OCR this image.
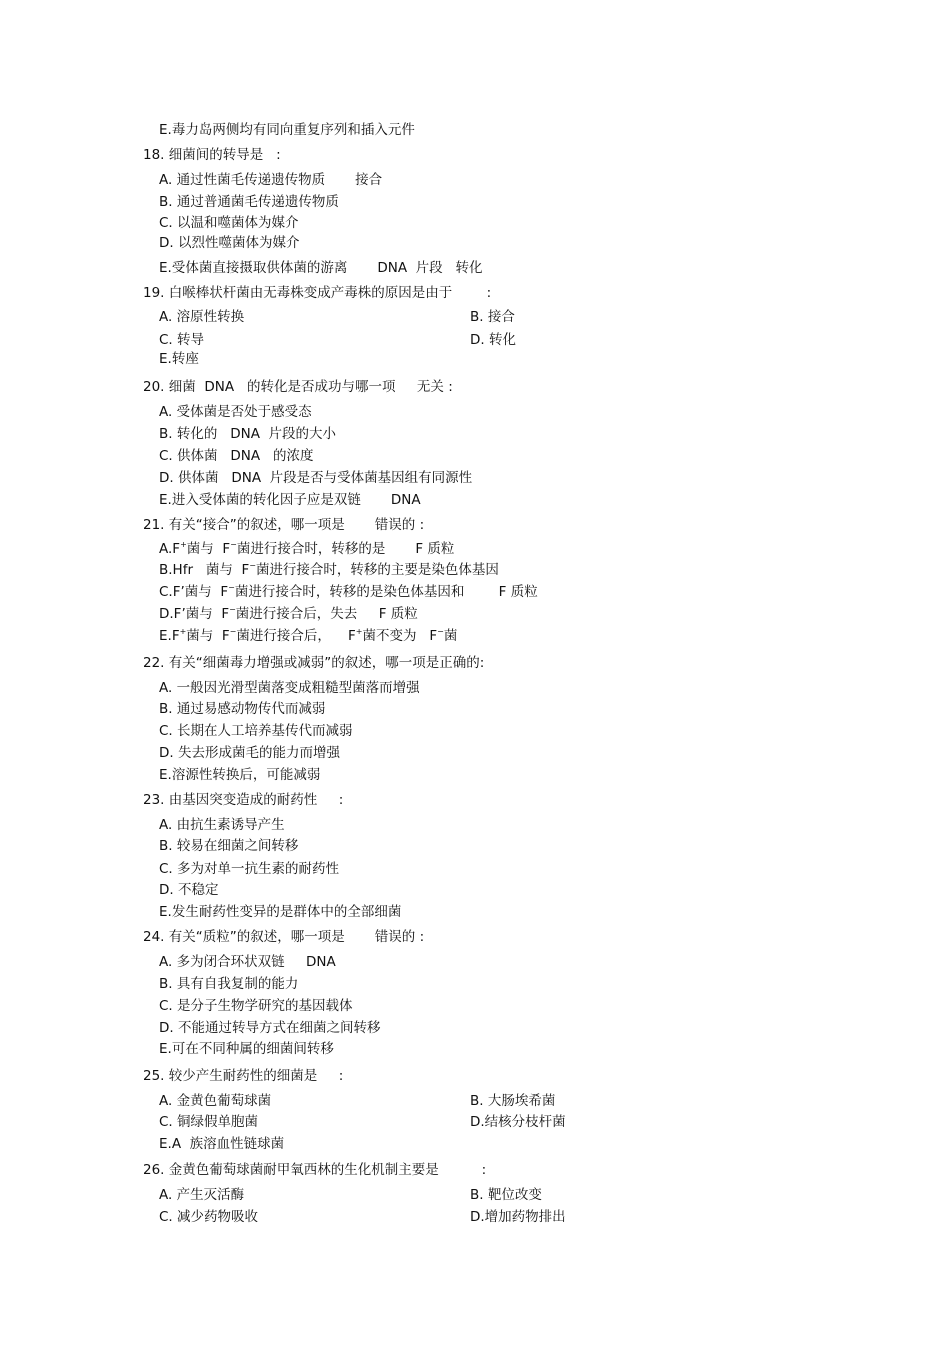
E.毒力岛两侧均有同向重复序列和插入元件
18. 细菌间的转导是   :
A. 通过性菌毛传递遗传物质       接合
B. 通过普通菌毛传递遗传物质
C. 以温和噬菌体为媒介
D. 以烈性噬菌体为媒介
E.受体菌直接摄取供体菌的游离       DNA  片段   转化
19. 白喉棒状杆菌由无毒株变成产毒株的原因是由于        :
A. 溶原性转换	B. 接合
C. 转导	D. 转化
E.转座
20. 细菌  DNA   的转化是否成功与哪一项     无关 :
A. 受体菌是否处于感受态
B. 转化的   DNA  片段的大小
C. 供体菌   DNA   的浓度
D. 供体菌   DNA  片段是否与受体菌基因组有同源性
E.进入受体菌的转化因子应是双链       DNA
21. 有关“接合”的叙述，哪一项是       错误的 :
A.F+菌与  F−菌进行接合时，转移的是       F 质粒
B.Hfr   菌与  F−菌进行接合时，转移的主要是染色体基因
C.F’菌与  F−菌进行接合时，转移的是染色体基因和        F 质粒
D.F’菌与  F−菌进行接合后，失去     F 质粒
E.F+菌与  F−菌进行接合后，    F+菌不变为   F−菌
22. 有关“细菌毒力增强或减弱”的叙述，哪一项是正确的:
A. 一般因光滑型菌落变成粗糙型菌落而增强
B. 通过易感动物传代而减弱
C. 长期在人工培养基传代而减弱
D. 失去形成菌毛的能力而增强
E.溶源性转换后，可能减弱
23. 由基因突变造成的耐药性     :
A. 由抗生素诱导产生
B. 较易在细菌之间转移
C. 多为对单一抗生素的耐药性
D. 不稳定
E.发生耐药性变异的是群体中的全部细菌
24. 有关“质粒”的叙述，哪一项是       错误的 :
A. 多为闭合环状双链     DNA
B. 具有自我复制的能力
C. 是分子生物学研究的基因载体
D. 不能通过转导方式在细菌之间转移
E.可在不同种属的细菌间转移
25. 较少产生耐药性的细菌是     :
A. 金黄色葡萄球菌	B. 大肠埃希菌
C. 铜绿假单胞菌	D.结核分枝杆菌
E.A  族溶血性链球菌
26. 金黄色葡萄球菌耐甲氧西林的生化机制主要是          :
A. 产生灭活酶	B. 靶位改变
C. 减少药物吸收	D.增加药物排出
